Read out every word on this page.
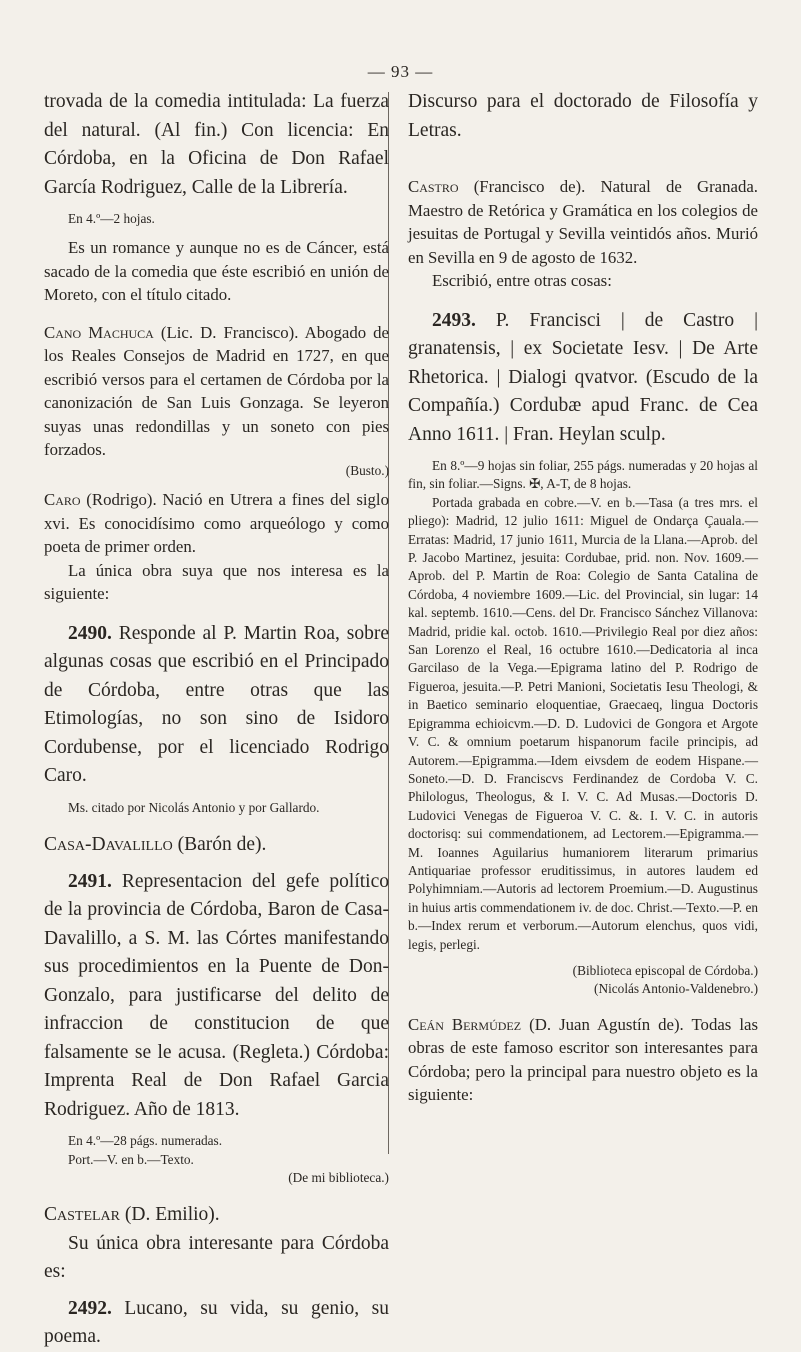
— 93 —

trovada de la comedia intitulada: La fuerza del natural. (Al fin.) Con licencia: En Córdoba, en la Oficina de Don Rafael García Rodriguez, Calle de la Librería.

En 4.º—2 hojas.

Es un romance y aunque no es de Cáncer, está sacado de la comedia que éste escribió en unión de Moreto, con el título citado.

Cano Machuca (Lic. D. Francisco). Abogado de los Reales Consejos de Madrid en 1727, en que escribió versos para el certamen de Córdoba por la canonización de San Luis Gonzaga. Se leyeron suyas unas redondillas y un soneto con pies forzados.

(Busto.)

Caro (Rodrigo). Nació en Utrera a fines del siglo xvi. Es conocidísimo como arqueólogo y como poeta de primer orden.

La única obra suya que nos interesa es la siguiente:

2490. Responde al P. Martin Roa, sobre algunas cosas que escribió en el Principado de Córdoba, entre otras que las Etimologías, no son sino de Isidoro Cordubense, por el licenciado Rodrigo Caro.

Ms. citado por Nicolás Antonio y por Gallardo.

Casa-Davalillo (Barón de).

2491. Representacion del gefe político de la provincia de Córdoba, Baron de Casa-Davalillo, a S. M. las Córtes manifestando sus procedimientos en la Puente de Don-Gonzalo, para justificarse del delito de infraccion de constitucion de que falsamente se le acusa. (Regleta.) Córdoba: Imprenta Real de Don Rafael Garcia Rodriguez. Año de 1813.

En 4.º—28 págs. numeradas.

Port.—V. en b.—Texto.

(De mi biblioteca.)

Castelar (D. Emilio).

Su única obra interesante para Córdoba es:

2492. Lucano, su vida, su genio, su poema.

Discurso para el doctorado de Filosofía y Letras.

Castro (Francisco de). Natural de Granada. Maestro de Retórica y Gramática en los colegios de jesuitas de Portugal y Sevilla veintidós años. Murió en Sevilla en 9 de agosto de 1632.

Escribió, entre otras cosas:

2493. P. Francisci | de Castro | granatensis, | ex Societate Iesv. | De Arte Rhetorica. | Dialogi qvatvor. (Escudo de la Compañía.) Cordubæ apud Franc. de Cea Anno 1611. | Fran. Heylan sculp.

En 8.º—9 hojas sin foliar, 255 págs. numeradas y 20 hojas al fin, sin foliar.—Signs. ✠, A-T, de 8 hojas.

Portada grabada en cobre.—V. en b.—Tasa (a tres mrs. el pliego): Madrid, 12 julio 1611: Miguel de Ondarça Çauala.—Erratas: Madrid, 17 junio 1611, Murcia de la Llana.—Aprob. del P. Jacobo Martinez, jesuita: Cordubae, prid. non. Nov. 1609.—Aprob. del P. Martin de Roa: Colegio de Santa Catalina de Córdoba, 4 noviembre 1609.—Lic. del Provincial, sin lugar: 14 kal. septemb. 1610.—Cens. del Dr. Francisco Sánchez Villanova: Madrid, pridie kal. octob. 1610.—Privilegio Real por diez años: San Lorenzo el Real, 16 octubre 1610.—Dedicatoria al inca Garcilaso de la Vega.—Epigrama latino del P. Rodrigo de Figueroa, jesuita.—P. Petri Manioni, Societatis Iesu Theologi, & in Baetico seminario eloquentiae, Graecaeq, lingua Doctoris Epigramma echioicvm.—D. D. Ludovici de Gongora et Argote V. C. & omnium poetarum hispanorum facile principis, ad Autorem.—Epigramma.—Idem eivsdem de eodem Hispane.—Soneto.—D. D. Franciscvs Ferdinandez de Cordoba V. C. Philologus, Theologus, & I. V. C. Ad Musas.—Doctoris D. Ludovici Venegas de Figueroa V. C. &. I. V. C. in autoris doctorisq: sui commendationem, ad Lectorem.—Epigramma.—M. Ioannes Aguilarius humaniorem literarum primarius Antiquariae professor eruditissimus, in autores laudem ed Polyhimniam.—Autoris ad lectorem Proemium.—D. Augustinus in huius artis commendationem iv. de doc. Christ.—Texto.—P. en b.—Index rerum et verborum.—Autorum elenchus, quos vidi, legis, perlegi.

(Biblioteca episcopal de Córdoba.)

(Nicolás Antonio-Valdenebro.)

Ceán Bermúdez (D. Juan Agustín de). Todas las obras de este famoso escritor son interesantes para Córdoba; pero la principal para nuestro objeto es la siguiente:
